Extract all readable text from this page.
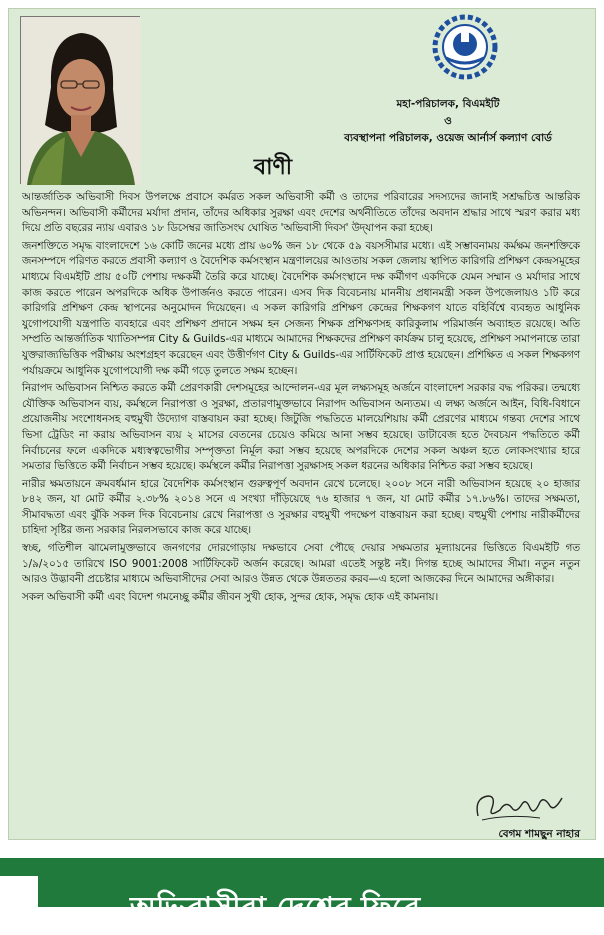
মহা-পরিচালক, বিএমইটি
ও
ব্যবস্থাপনা পরিচালক, ওয়েজ আর্নার্স কল্যাণ বোর্ড
বাণী

আন্তর্জাতিক অভিবাসী দিবস উপলক্ষে প্রবাসে কর্মরত সকল অভিবাসী কর্মী ও তাদের পরিবারের সদস্যদের জানাই সশ্রদ্ধচিত্ত আন্তরিক অভিনন্দন। অভিবাসী কর্মীদের মর্যাদা প্রদান, তাঁদের অধিকার সুরক্ষা এবং দেশের অর্থনীতিতে তাঁদের অবদান শ্রদ্ধার সাথে স্মরণ করার মধ্য দিয়ে প্রতি বছরের ন্যায় এবারও ১৮ ডিসেম্বর জাতিসংঘ ঘোষিত 'অভিবাসী দিবস' উদ্‌যাপন করা হচ্ছে।

জনশক্তিতে সমৃদ্ধ বাংলাদেশে ১৬ কোটি জনের মধ্যে প্রায় ৬০% জন ১৮ থেকে ৫৯ বয়সসীমার মধ্যে। এই সম্ভাবনাময় কর্মক্ষম জনশক্তিকে জনসম্পদে পরিণত করতে প্রবাসী কল্যাণ ও বৈদেশিক কর্মসংস্থান মন্ত্রণালয়ের আওতায় সকল জেলায় স্থাপিত কারিগরি প্রশিক্ষণ কেন্দ্রসমূহের মাধ্যমে বিএমইটি প্রায় ৫০টি পেশায় দক্ষকর্মী তৈরি করে যাচ্ছে। বৈদেশিক কর্মসংস্থানে দক্ষ কর্মীগণ একদিকে যেমন সম্মান ও মর্যাদার সাথে কাজ করতে পারেন অপরদিকে অধিক উপার্জনও করতে পারেন। এসব দিক বিবেচনায় মাননীয় প্রধানমন্ত্রী সকল উপজেলায়ও ১টি করে কারিগরি প্রশিক্ষণ কেন্দ্র স্থাপনের অনুমোদন দিয়েছেন। এ সকল কারিগরি প্রশিক্ষণ কেন্দ্রের শিক্ষকগণ যাতে বহির্বিশ্বে ব্যবহৃত আধুনিক যুগোপযোগী যন্ত্রপাতি ব্যবহারে এবং প্রশিক্ষণ প্রদানে সক্ষম হন সেজন্য শিক্ষক প্রশিক্ষণসহ কারিকুলাম পরিমার্জন অব্যাহত রয়েছে। অতি সম্প্রতি আন্তর্জাতিক খ্যাতিসম্পন্ন City & Guilds-এর মাধ্যমে আমাদের শিক্ষকদের প্রশিক্ষণ কার্যক্রম চালু হয়েছে, প্রশিক্ষণ সমাপনান্তে তারা যুক্তরাজ্যভিত্তিক পরীক্ষায় অংশগ্রহণ করেছেন এবং উত্তীর্ণগণ City & Guilds-এর সার্টিফিকেট প্রাপ্ত হয়েছেন। প্রশিক্ষিত এ সকল শিক্ষকগণ পর্যায়ক্রমে আধুনিক যুগোপযোগী দক্ষ কর্মী গড়ে তুলতে সক্ষম হচ্ছেন।

নিরাপদ অভিবাসন নিশ্চিত করতে কর্মী প্রেরণকারী দেশসমূহের আন্দোলন-এর মূল লক্ষ্যসমূহ অর্জনে বাংলাদেশ সরকার বদ্ধ পরিকর। তন্মধ্যে যৌক্তিক অভিবাসন ব্যয়, কর্মস্থলে নিরাপত্তা ও সুরক্ষা, প্রতারণামুক্তভাবে নিরাপদ অভিবাসন অন্যতম। এ লক্ষ্য অর্জনে আইন, বিধি-বিধানে প্রয়োজনীয় সংশোধনসহ বহুমুখী উদ্যোগ বাস্তবায়ন করা হচ্ছে। জিটুজি পদ্ধতিতে মালয়েশিয়ায় কর্মী প্রেরণের মাধ্যমে গন্তব্য দেশের সাথে ভিসা ট্রেডিং না করায় অভিবাসন ব্যয় ২ মাসের বেতনের চেয়েও কমিয়ে আনা সম্ভব হয়েছে। ডাটাবেজ হতে দৈবচয়ন পদ্ধতিতে কর্মী নির্বাচনের ফলে একদিকে মধ্যস্বত্বভোগীর সম্পৃক্ততা নির্মূল করা সম্ভব হয়েছে অপরদিকে দেশের সকল অঞ্চল হতে লোকসংখ্যার হারে সমতার ভিত্তিতে কর্মী নির্বাচন সম্ভব হয়েছে। কর্মস্থলে কর্মীর নিরাপত্তা সুরক্ষাসহ সকল ধরনের অধিকার নিশ্চিত করা সম্ভব হয়েছে।

নারীর ক্ষমতায়নে ক্রমবর্ধমান হারে বৈদেশিক কর্মসংস্থান গুরুত্বপূর্ণ অবদান রেখে চলেছে। ২০০৮ সনে নারী অভিবাসন হয়েছে ২০ হাজার ৮৪২ জন, যা মোট কর্মীর ২.৩৮% ২০১৪ সনে এ সংখ্যা দাঁড়িয়েছে ৭৬ হাজার ৭ জন, যা মোট কর্মীর ১৭.৮৬%। তাদের সক্ষমতা, সীমাবদ্ধতা এবং ঝুঁকি সকল দিক বিবেচনায় রেখে নিরাপত্তা ও সুরক্ষার বহুমুখী পদক্ষেপ বাস্তবায়ন করা হচ্ছে। বহুমুখী পেশায় নারীকর্মীদের চাহিদা সৃষ্টির জন্য সরকার নিরলসভাবে কাজ করে যাচ্ছে।

স্বচ্ছ, গতিশীল ঝামেলামুক্তভাবে জনগণের দোরগোড়ায় দক্ষভাবে সেবা পৌছে দেয়ার সক্ষমতার মূল্যায়নের ভিত্তিতে বিএমইটি গত ১/৯/২০১৫ তারিখে ISO 9001:2008 সার্টিফিকেট অর্জন করেছে। আমরা এতেই সন্তুষ্ট নই। দিগন্ত হচ্ছে আমাদের সীমা। নতুন নতুন আরও উদ্ভাবনী প্রচেষ্টার মাধ্যমে অভিবাসীদের সেবা আরও উন্নত থেকে উন্নততর করব—এ হলো আজকের দিনে আমাদের অঙ্গীকার।

সকল অভিবাসী কর্মী এবং বিদেশ গমনেচ্ছু কর্মীর জীবন সুখী হোক, সুন্দর হোক, সমৃদ্ধ হোক এই কামনায়।

বেগম শামছুন নাহার
অভিবাসীরা দেশের ফিরে
